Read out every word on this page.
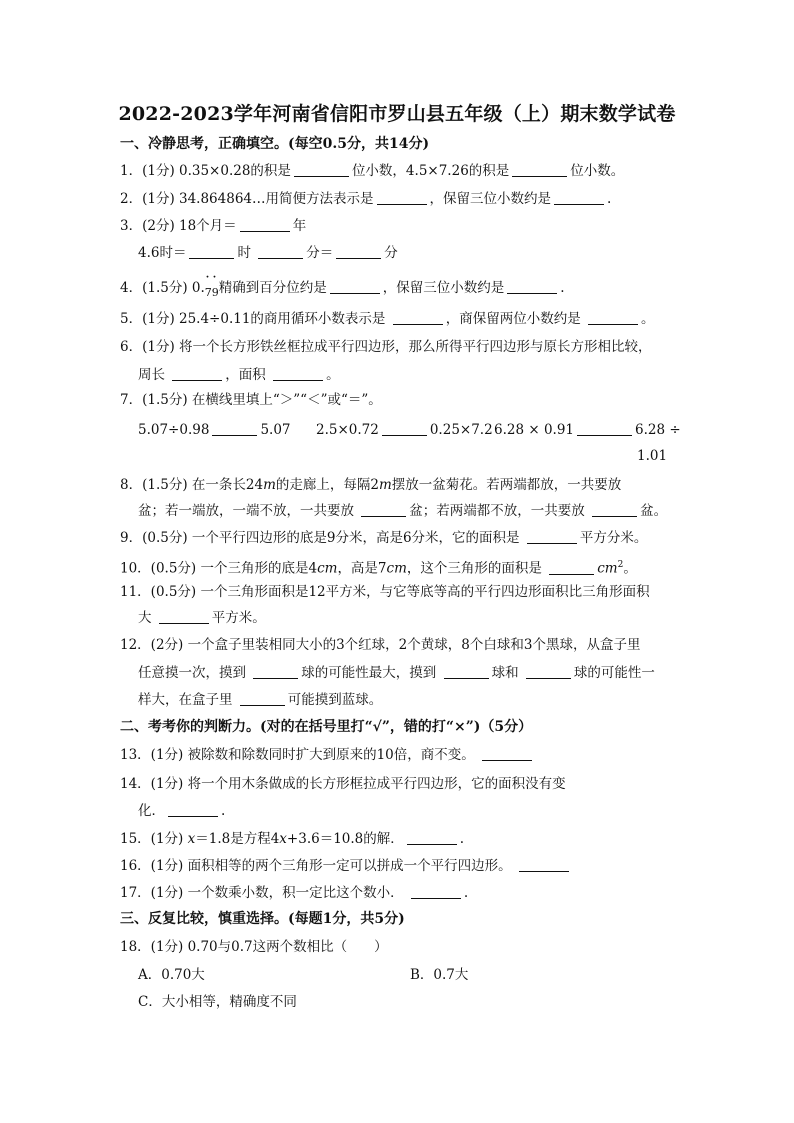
2022-2023学年河南省信阳市罗山县五年级（上）期末数学试卷
一、冷静思考，正确填空。(每空0.5分，共14分)
1．(1分) 0.35×0.28的积是	位小数，4.5×7.26的积是	位小数。
2．(1分) 34.864864…用简便方法表示是	，保留三位小数约是	.
3．(2分) 18个月＝	年
4.6时＝	时	分＝	分
4．(1.5分) 0.
· ·
$_{79}$精确到百分位约是	，保留三位小数约是	.
5．(1分) 25.4÷0.11的商用循环小数表示是	，商保留两位小数约是	。
6．(1分) 将一个长方形铁丝框拉成平行四边形，那么所得平行四边形与原长方形相比较，
周长	，面积	。
7．(1.5分) 在横线里填上“＞”“＜”或“＝”。
5.07÷0.98	5.07 2.5×0.72	0.25×7.2 6.28 × 0.91	6.28 ÷
1.01
8．(1.5分) 在一条长24m的走廊上，每隔2m摆放一盆菊花。若两端都放，一共要放
盆；若一端放，一端不放，一共要放	盆；若两端都不放，一共要放	盆。
9．(0.5分) 一个平行四边形的底是9分米，高是6分米，它的面积是	平方分米。
10．(0.5分) 一个三角形的底是4cm，高是7cm，这个三角形的面积是	$cm^2$。
11．(0.5分) 一个三角形面积是12平方米，与它等底等高的平行四边形面积比三角形面积
大	平方米。
12．(2分) 一个盒子里装相同大小的3个红球，2个黄球，8个白球和3个黑球，从盒子里
任意摸一次，摸到	球的可能性最大，摸到	球和	球的可能性一
样大，在盒子里	可能摸到蓝球。
二、考考你的判断力。(对的在括号里打“√”，错的打“×”)（5分）
13．(1分) 被除数和除数同时扩大到原来的10倍，商不变。
14．(1分) 将一个用木条做成的长方形框拉成平行四边形，它的面积没有变
化．	.
15．(1分) x＝1.8是方程4x+3.6＝10.8的解．	.
16．(1分) 面积相等的两个三角形一定可以拼成一个平行四边形。
17．(1分) 一个数乘小数，积一定比这个数小．	.
三、反复比较，慎重选择。(每题1分，共5分)
18．(1分) 0.70与0.7这两个数相比（　　）
A．0.70大	B．0.7大
C．大小相等，精确度不同
